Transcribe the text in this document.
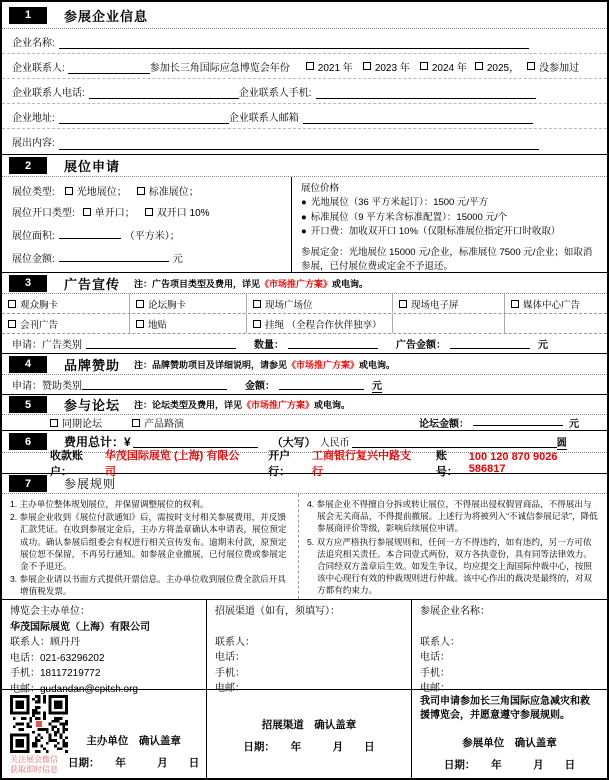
1	参展企业信息
企业名称:
企业联系人:	参加长三角国际应急博览会年份	2021 年 2023 年 2024 年 2025， 没参加过
企业联系人电话:	企业联系人手机:
企业地址:	企业联系人邮箱
展出内容:
2	展位申请
展位类型: 光地展位； 标准展位；
展位开口类型: 单开口； 双开口 10%
展位面积:	（平方米）；
展位金额:	元
展位价格
● 光地展位（36 平方米起订）：1500 元/平方
● 标准展位（9 平方米含标准配置）：15000 元/个
● 开口费：加收双开口 10%（仅限标准展位指定开口时收取）
参展定金：光地展位 15000 元/企业，标准展位 7500 元/企业；如取消参展，已付展位费或定金不予退还。
3	广告宣传 注：广告项目类型及费用，详见《市场推广方案》或电询。
观众胸卡	论坛胸卡	现场广场位	现场电子屏	媒体中心广告
会刊广告	地贴	挂绳 （全程合作伙伴独享）
申请：广告类别	数量：	广告金额：	元
4	品牌赞助 注：品牌赞助项目及详细说明，请参见《市场推广方案》或电询。
申请：赞助类别	金额：	元
5	参与论坛 注：论坛类型及费用，详见《市场推广方案》或电询。
同期论坛	产品路演	论坛金额：	元
6	费用总计：¥	（大写） 人民币	圆
收款账户：
华茂国际展览 (上海) 有限公司
开户行：
工商银行复兴中路支行
账号：
100 120 870 9026 586817
7	参展规则

1. 主办单位整体规划展位，并保留调整展位的权利。

2. 参展企业收到《展位付款通知》后，需按时支付相关参展费用，并反馈汇款凭证。在收到参展定金后，主办方将盖章确认本申请表，展位预定成功。确认参展后组委会有权进行相关宣传发布。逾期未付款，原预定展位恕不保留，不再另行通知。如参展企业撤展，已付展位费或参展定金不予退还。

3. 参展企业请以书面方式提供开票信息。主办单位收到展位费全款后开具增值税发票。

4. 参展企业不得擅自分拆或转让展位，不得展出侵权假冒商品，不得展出与展会无关商品，不得提前撤展。上述行为将被列入“不诚信参展记录”，降低参展商评价等级，影响后续展位申请。

5. 双方应严格执行参展规则和，任何一方不得违约，如有违约，另一方可依法追究相关责任。本合同壹式两份，双方各执壹份，具有同等法律效力。合同经双方盖章后生效。如发生争议，均应提交上海国际仲裁中心，按照该中心现行有效的仲裁规则进行仲裁。该中心作出的裁决是最终的，对双方都有约束力。

博览会主办单位：
华茂国际展览（上海）有限公司
联系人：顾丹丹
电话：021-63296202
手机：18117219772
电邮：gudandan@cpitsh.org
招展渠道（如有，须填写）：
联系人：
电话：
手机：
电邮：
参展企业名称：
联系人：
电话：
手机：
电邮：
关注展会微信
获取即时信息
主办单位　确认盖章
日期：　　年　　　月　　日
招展渠道　确认盖章
日期：　　年　　　月　　日
我司申请参加长三角国际应急减灾和救援博览会，并愿意遵守参展规则。
参展单位　确认盖章
日期：　　年　　　月　　日
